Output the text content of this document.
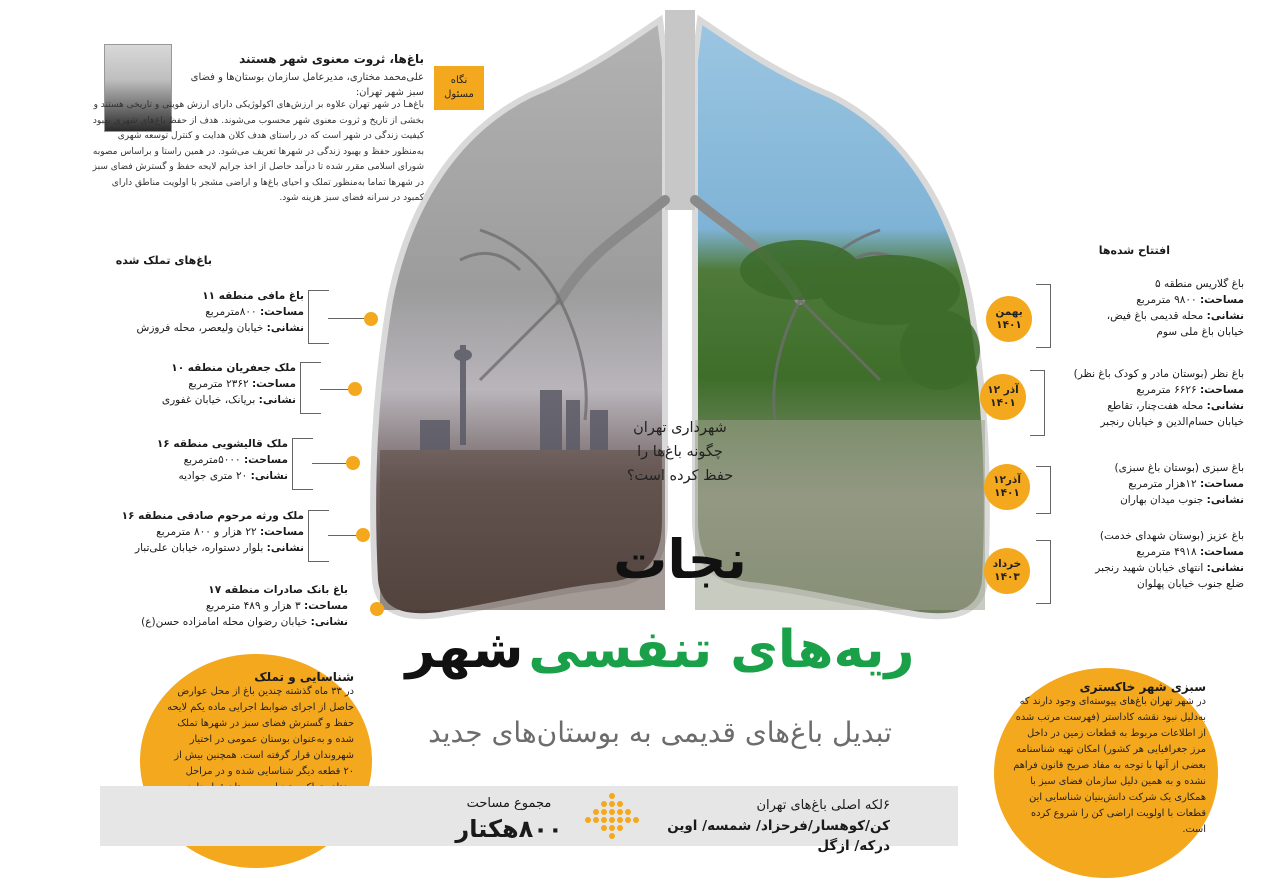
نگاه
مسئول
باغ‌ها، ثروت معنوی شهر هستند
علی‌محمد مختاری، مدیرعامل سازمان بوستان‌ها و فضای سبز شهر تهران:
باغ‌هـا در شهر تهران علاوه بر ارزش‌های اکولوژیکی دارای ارزش هویتی و تاریخی هستند و بخشی از تاریخ و ثروت معنوی شهر محسوب می‌شوند. هدف از حفظ باغ‌های شهری بهبود کیفیت زندگی در شهر است که در راستای هدف کلان هدایت و کنترل توسعه شهری به‌منظور حفظ و بهبود زندگی در شهرها تعریف می‌شود. در همین راستا و براساس مصوبه شورای اسلامی مقرر شده تا درآمد حاصل از اخذ جرایم لایحه حفظ و گسترش فضای سبز در شهرها تماما به‌منظور تملک و احیای باغ‌ها و اراضی مشجر با اولویت مناطق دارای کمبود در سرانه فضای سبز هزینه شود.
باغ‌های تملک شده
باغ مافی منطقه ۱۱
مساحت: ۸۰۰مترمربع
نشانی: خیابان ولیعصر، محله فروزش
ملک جعفریان منطقه ۱۰
مساحت: ۲۳۶۲ مترمربع
نشانی: بریانک، خیابان غفوری
ملک قالیشویی منطقه ۱۶
مساحت: ۵۰۰۰مترمربع
نشانی: ۲۰ متری جوادیه
ملک ورثه مرحوم صادقی منطقه ۱۶
مساحت: ۲۲ هزار و ۸۰۰ مترمربع
نشانی: بلوار دستواره، خیابان علی‌تبار
باغ بانک صادرات منطقه ۱۷
مساحت: ۳ هزار و ۴۸۹ مترمربع
نشانی: خیابان رضوان محله امامزاده حسن(ع)
افتتاح شده‌ها
بهمن
۱۴۰۱
باغ گلاریس منطقه ۵
مساحت: ۹۸۰۰ مترمربع
نشانی: محله قدیمی باغ فیض،
خیابان باغ ملی سوم
۱۲ آذر
۱۴۰۱
باغ نظر (بوستان مادر و کودک باغ نظر)
مساحت: ۶۶۲۶ مترمربع
نشانی: محله هفت‌چنار، تقاطع
خیابان حسام‌الدین و خیابان رنجبر
۱۲آذر
۱۴۰۱
باغ سبزی (بوستان باغ سبزی)
مساحت: ۱۲هزار مترمربع
نشانی: جنوب میدان بهاران
خرداد
۱۴۰۳
باغ عزیز (بوستان شهدای خدمت)
مساحت: ۴۹۱۸ مترمربع
نشانی: انتهای خیابان شهید رنجبر
ضلع جنوب خیابان پهلوان
شهرداری تهران
چگونه باغ‌ها را
حفظ کرده است؟
نجات
ریه‌های تنفسی شهر
تبدیل باغ‌های قدیمی به بوستان‌های جدید
شناسایی و تملک
در ۳۳ ماه گذشته چندین باغ از محل عوارض حاصل از اجرای ضوابط اجرایی ماده یکم لایحه حفظ و گسترش فضای سبز در شهرها تملک شده و به‌عنوان بوستان عمومی در اختیار شهروندان قرار گرفته است. همچنین بیش از ۲۰ قطعه دیگر شناسایی شده و در مراحل
سبزی شهر خاکستری
در شهر تهران باغ‌های پیوسته‌ای وجود دارند که به‌دلیل نبود نقشه کاداستر (فهرست مرتب شده از اطلاعات مربوط به قطعات زمین در داخل مرز جغرافیایی هر کشور) امکان تهیه شناسنامه بعضی از آنها با توجه به مفاد صریح قانون فراهم نشده و به همین دلیل سازمان فضای سبز با همکاری یک شرکت دانش‌بنیان شناسایی این قطعات با اولویت اراضی کن را شروع کرده است.
مجموع مساحت
۸۰۰هکتار
۶لکه اصلی باغ‌های تهران
کن/کوهسار/فرحزاد/ شمسه/ اوین درکه/ ازگل
